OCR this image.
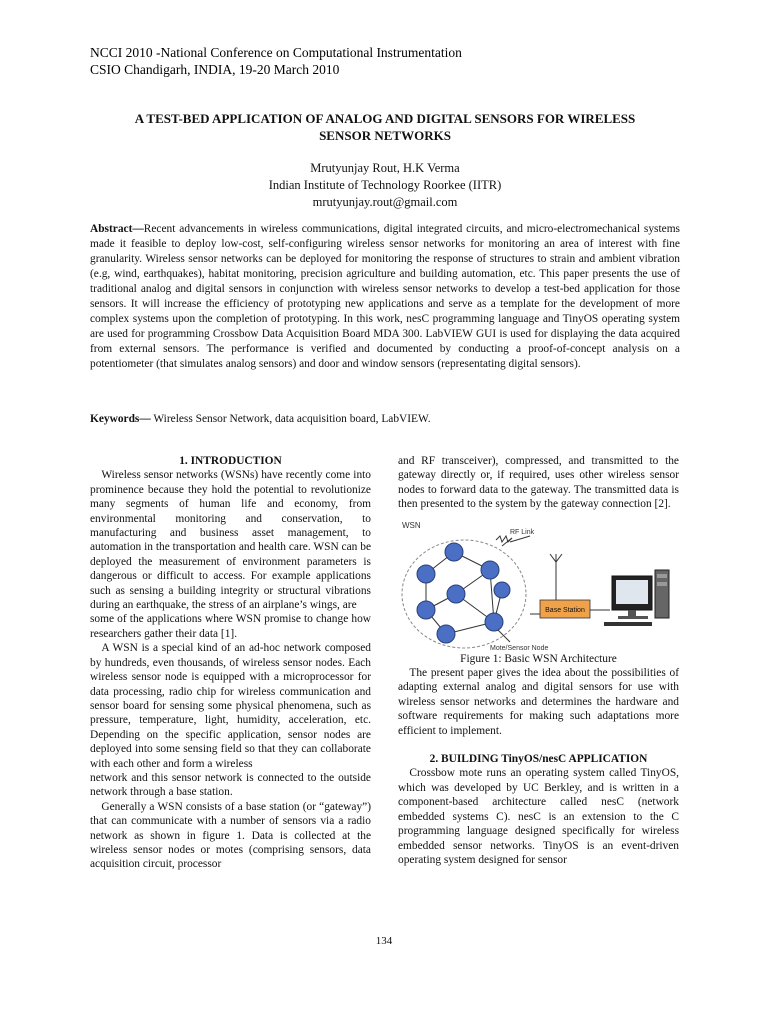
NCCI 2010 -National Conference on Computational Instrumentation
CSIO Chandigarh, INDIA, 19-20 March 2010
A TEST-BED APPLICATION OF ANALOG AND DIGITAL SENSORS FOR WIRELESS
SENSOR NETWORKS
Mrutyunjay Rout, H.K Verma
Indian Institute of Technology Roorkee (IITR)
mrutyunjay.rout@gmail.com
Abstract—Recent advancements in wireless communications, digital integrated circuits, and micro-electromechanical systems made it feasible to deploy low-cost, self-configuring wireless sensor networks for monitoring an area of interest with fine granularity. Wireless sensor networks can be deployed for monitoring the response of structures to strain and ambient vibration (e.g, wind, earthquakes), habitat monitoring, precision agriculture and building automation, etc. This paper presents the use of traditional analog and digital sensors in conjunction with wireless sensor networks to develop a test-bed application for those sensors. It will increase the efficiency of prototyping new applications and serve as a template for the development of more complex systems upon the completion of prototyping. In this work, nesC programming language and TinyOS operating system are used for programming Crossbow Data Acquisition Board MDA 300. LabVIEW GUI is used for displaying the data acquired from external sensors. The performance is verified and documented by conducting a proof-of-concept analysis on a potentiometer (that simulates analog sensors) and door and window sensors (representating digital sensors).
Keywords— Wireless Sensor Network, data acquisition board, LabVIEW.

1. INTRODUCTION

Wireless sensor networks (WSNs) have recently come into prominence because they hold the potential to revolutionize many segments of human life and economy, from environmental monitoring and conservation, to manufacturing and business asset management, to automation in the transportation and health care. WSN can be deployed the measurement of environment parameters is dangerous or difficult to access. For example applications such as sensing a building integrity or structural vibrations during an earthquake, the stress of an airplane’s wings, are

some of the applications where WSN promise to change how researchers gather their data [1].

A WSN is a special kind of an ad-hoc network composed by hundreds, even thousands, of wireless sensor nodes. Each wireless sensor node is equipped with a microprocessor for data processing, radio chip for wireless communication and sensor board for sensing some physical phenomena, such as pressure, temperature, light, humidity, acceleration, etc. Depending on the specific application, sensor nodes are deployed into some sensing field so that they can collaborate with each other and form a wireless

network and this sensor network is connected to the outside network through a base station.

Generally a WSN consists of a base station (or “gateway”) that can communicate with a number of sensors via a radio network as shown in figure 1. Data is collected at the wireless sensor nodes or motes (comprising sensors, data acquisition circuit, processor

and RF transceiver), compressed, and transmitted to the gateway directly or, if required, uses other wireless sensor nodes to forward data to the gateway. The transmitted data is then presented to the system by the gateway connection [2].

WSN
RF Link
Base Station
Mote/Sensor Node

Figure 1: Basic WSN Architecture

The present paper gives the idea about the possibilities of adapting external analog and digital sensors for use with wireless sensor networks and determines the hardware and software requirements for making such adaptations more efficient to implement.

2. BUILDING TinyOS/nesC APPLICATION

Crossbow mote runs an operating system called TinyOS, which was developed by UC Berkley, and is written in a component-based architecture called nesC (network embedded systems C). nesC is an extension to the C programming language designed specifically for wireless embedded sensor networks. TinyOS is an event-driven operating system designed for sensor

134
